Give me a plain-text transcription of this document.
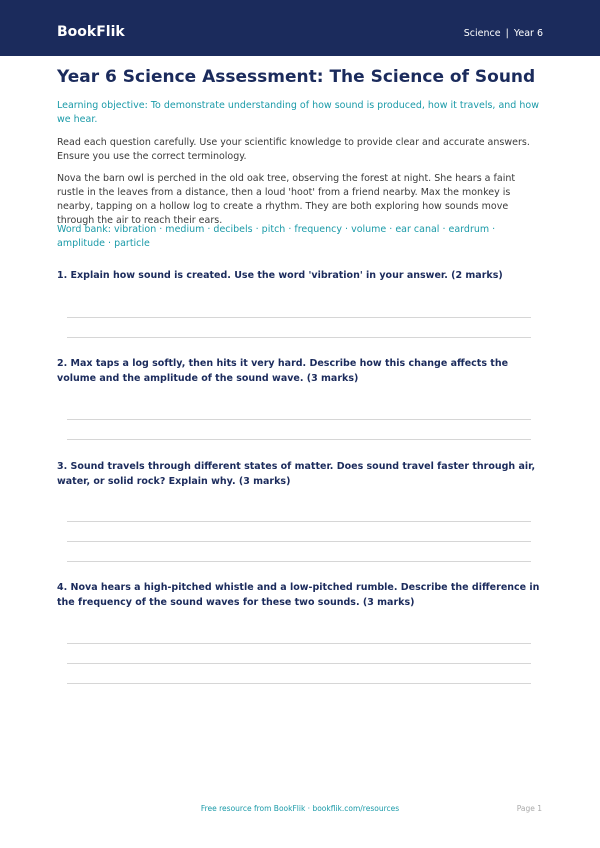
BookFlik	Science | Year 6
Year 6 Science Assessment: The Science of Sound

Learning objective: To demonstrate understanding of how sound is produced, how it travels, and how we hear.

Read each question carefully. Use your scientific knowledge to provide clear and accurate answers. Ensure you use the correct terminology.

Nova the barn owl is perched in the old oak tree, observing the forest at night. She hears a faint rustle in the leaves from a distance, then a loud 'hoot' from a friend nearby. Max the monkey is nearby, tapping on a hollow log to create a rhythm. They are both exploring how sounds move through the air to reach their ears.

Word bank: vibration · medium · decibels · pitch · frequency · volume · ear canal · eardrum · amplitude · particle

1. Explain how sound is created. Use the word 'vibration' in your answer. (2 marks)

2. Max taps a log softly, then hits it very hard. Describe how this change affects the volume and the amplitude of the sound wave. (3 marks)

3. Sound travels through different states of matter. Does sound travel faster through air, water, or solid rock? Explain why. (3 marks)

4. Nova hears a high-pitched whistle and a low-pitched rumble. Describe the difference in the frequency of the sound waves for these two sounds. (3 marks)

Free resource from BookFlik · bookflik.com/resources	Page 1
